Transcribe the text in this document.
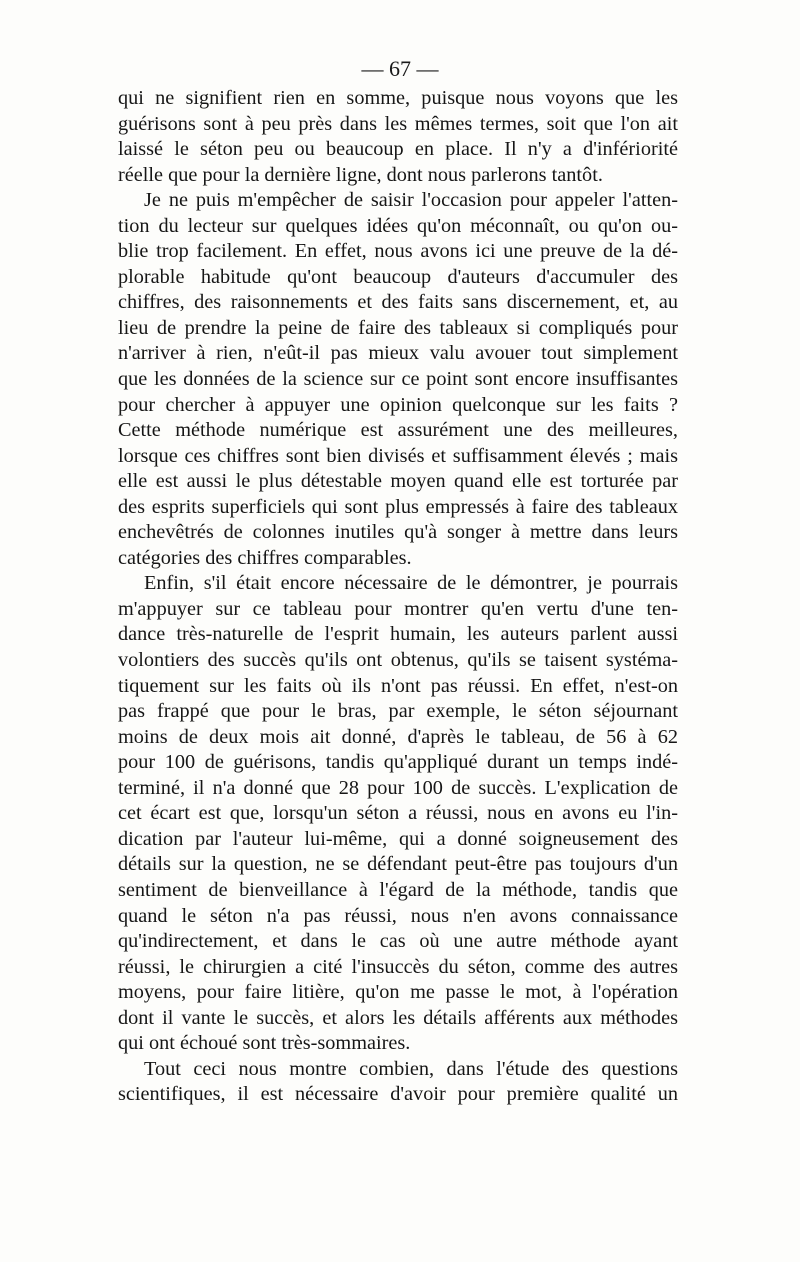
— 67 —
qui ne signifient rien en somme, puisque nous voyons que les
guérisons sont à peu près dans les mêmes termes, soit que l'on ait
laissé le séton peu ou beaucoup en place. Il n'y a d'infériorité
réelle que pour la dernière ligne, dont nous parlerons tantôt.
Je ne puis m'empêcher de saisir l'occasion pour appeler l'atten-
tion du lecteur sur quelques idées qu'on méconnaît, ou qu'on ou-
blie trop facilement. En effet, nous avons ici une preuve de la dé-
plorable habitude qu'ont beaucoup d'auteurs d'accumuler des
chiffres, des raisonnements et des faits sans discernement, et, au
lieu de prendre la peine de faire des tableaux si compliqués pour
n'arriver à rien, n'eût-il pas mieux valu avouer tout simplement
que les données de la science sur ce point sont encore insuffisantes
pour chercher à appuyer une opinion quelconque sur les faits ?
Cette méthode numérique est assurément une des meilleures,
lorsque ces chiffres sont bien divisés et suffisamment élevés ; mais
elle est aussi le plus détestable moyen quand elle est torturée par
des esprits superficiels qui sont plus empressés à faire des tableaux
enchevêtrés de colonnes inutiles qu'à songer à mettre dans leurs
catégories des chiffres comparables.
Enfin, s'il était encore nécessaire de le démontrer, je pourrais
m'appuyer sur ce tableau pour montrer qu'en vertu d'une ten-
dance très-naturelle de l'esprit humain, les auteurs parlent aussi
volontiers des succès qu'ils ont obtenus, qu'ils se taisent systéma-
tiquement sur les faits où ils n'ont pas réussi. En effet, n'est-on
pas frappé que pour le bras, par exemple, le séton séjournant
moins de deux mois ait donné, d'après le tableau, de 56 à 62
pour 100 de guérisons, tandis qu'appliqué durant un temps indé-
terminé, il n'a donné que 28 pour 100 de succès. L'explication de
cet écart est que, lorsqu'un séton a réussi, nous en avons eu l'in-
dication par l'auteur lui-même, qui a donné soigneusement des
détails sur la question, ne se défendant peut-être pas toujours d'un
sentiment de bienveillance à l'égard de la méthode, tandis que
quand le séton n'a pas réussi, nous n'en avons connaissance
qu'indirectement, et dans le cas où une autre méthode ayant
réussi, le chirurgien a cité l'insuccès du séton, comme des autres
moyens, pour faire litière, qu'on me passe le mot, à l'opération
dont il vante le succès, et alors les détails afférents aux méthodes
qui ont échoué sont très-sommaires.
Tout ceci nous montre combien, dans l'étude des questions
scientifiques, il est nécessaire d'avoir pour première qualité un
